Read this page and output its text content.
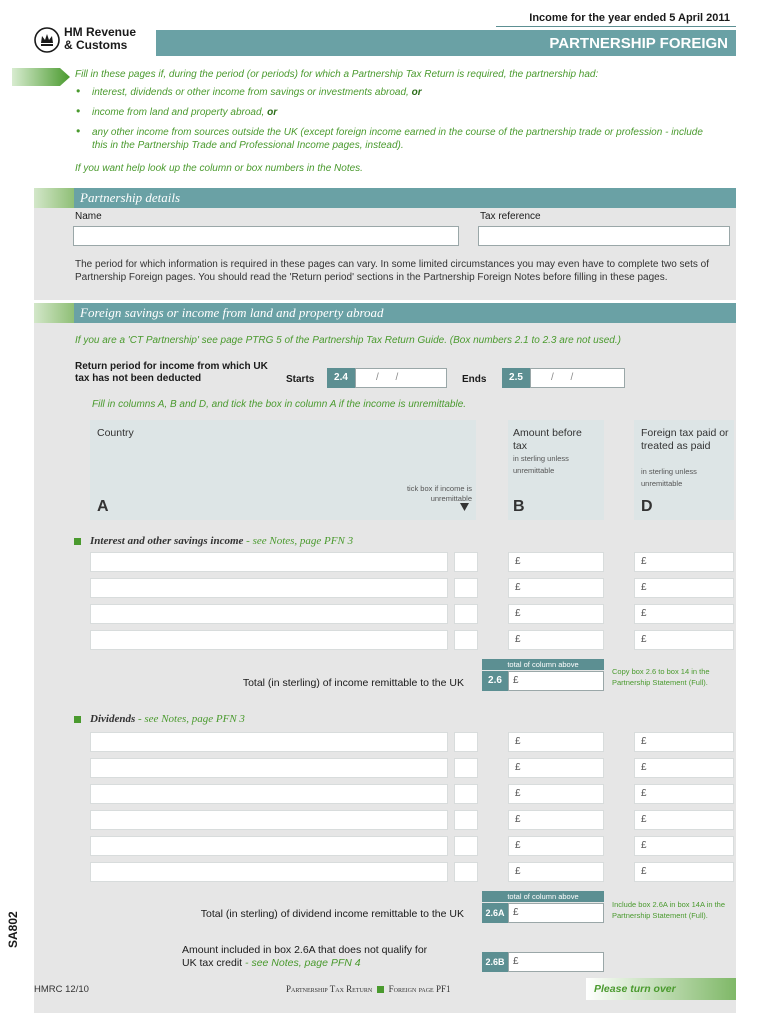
HM Revenue
& Customs
Income for the year ended 5 April 2011
PARTNERSHIP FOREIGN
Fill in these pages if, during the period (or periods) for which a Partnership Tax Return is required, the partnership had:
• interest, dividends or other income from savings or investments abroad, or
• income from land and property abroad, or
• any other income from sources outside the UK (except foreign income earned in the course of the partnership trade or profession - include this in the Partnership Trade and Professional Income pages, instead).
If you want help look up the column or box numbers in the Notes.
Partnership details
Name	Tax reference
The period for which information is required in these pages can vary. In some limited circumstances you may even have to complete two sets of Partnership Foreign pages. You should read the 'Return period' sections in the Partnership Foreign Notes before filling in these pages.
Foreign savings or income from land and property abroad
If you are a 'CT Partnership' see page PTRG 5 of the Partnership Tax Return Guide. (Box numbers 2.1 to 2.3 are not used.)
Return period for income from which UK tax has not been deducted	Starts	2.4	/      /	Ends	2.5	/      /
Fill in columns A, B and D, and tick the box in column A if the income is unremittable.
Country
tick box if income is unremittable
A
Amount before tax
in sterling unless unremittable
B
Foreign tax paid or treated as paid
in sterling unless unremittable
D
Interest and other savings income - see Notes, page PFN 3
£	£
£	£
£	£
£	£
total of column above
Total (in sterling) of income remittable to the UK	2.6	£
Copy box 2.6 to box 14 in the Partnership Statement (Full).
Dividends - see Notes, page PFN 3
£	£
£	£
£	£
£	£
£	£
£	£
total of column above
Total (in sterling) of dividend income remittable to the UK	2.6A £
Include box 2.6A in box 14A in the Partnership Statement (Full).
Amount included in box 2.6A that does not qualify for
UK tax credit - see Notes, page PFN 4	2.6B £
SA802
HMRC 12/10	Partnership Tax Return Foreign page PF1	Please turn over
